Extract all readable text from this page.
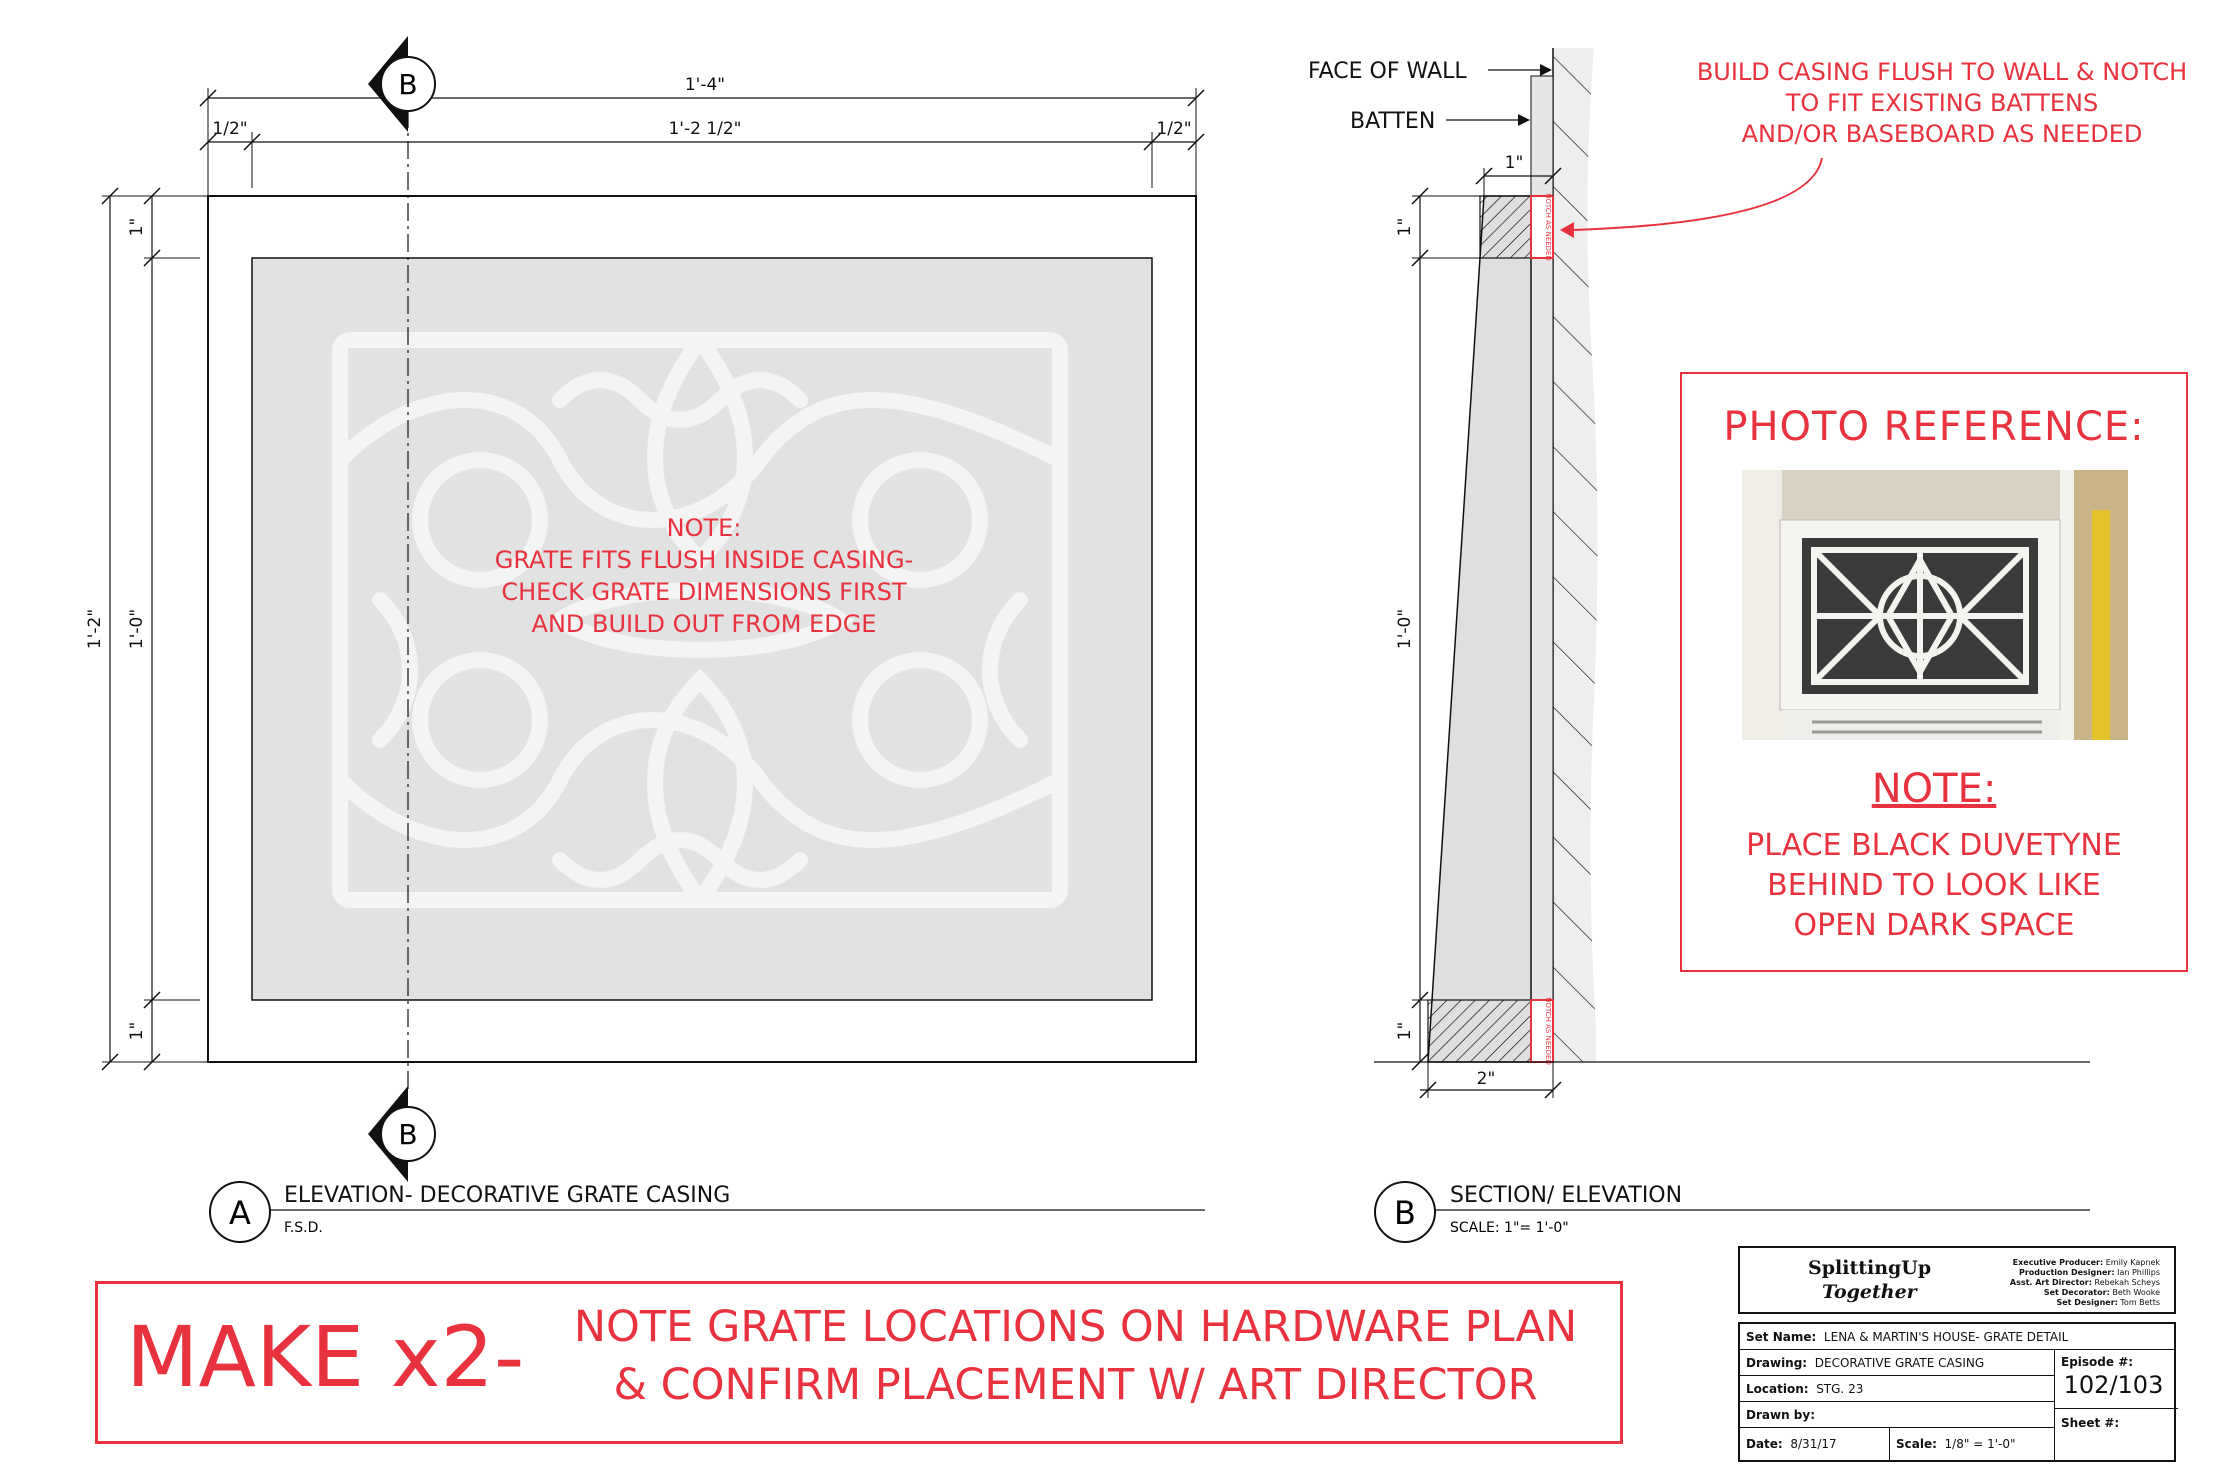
1'-4"
1/2"	1'-2 1/2"	1/2"
1'-2"
1"
1'-0"
1"
NOTE:
GRATE FITS FLUSH INSIDE CASING-
CHECK GRATE DIMENSIONS FIRST
AND BUILD OUT FROM EDGE
B
B
A ELEVATION- DECORATIVE GRATE CASING
F.S.D.
NOTCH AS NEEDED
NOTCH AS NEEDED
FACE OF WALL
BATTEN
1"
2"
1"
1'-0"
1"
BUILD CASING FLUSH TO WALL & NOTCH
TO FIT EXISTING BATTENS
AND/OR BASEBOARD AS NEEDED
B SECTION/ ELEVATION
SCALE: 1"= 1'-0"
PHOTO REFERENCE:
NOTE:
PLACE BLACK DUVETYNE
BEHIND TO LOOK LIKE
OPEN DARK SPACE
MAKE x2-	NOTE GRATE LOCATIONS ON HARDWARE PLAN
& CONFIRM PLACEMENT W/ ART DIRECTOR
SplittingUp
Together
Executive Producer: Emily Kapnek
Production Designer: Ian Phillips
Asst. Art Director: Rebekah Scheys
Set Decorator: Beth Wooke
Set Designer: Tom Betts
Set Name: LENA & MARTIN'S HOUSE- GRATE DETAIL
Drawing: DECORATIVE GRATE CASING
Location: STG. 23
Drawn by:
Date: 8/31/17	Scale: 1/8" = 1'-0"
Episode #:
102/103
Sheet #:
